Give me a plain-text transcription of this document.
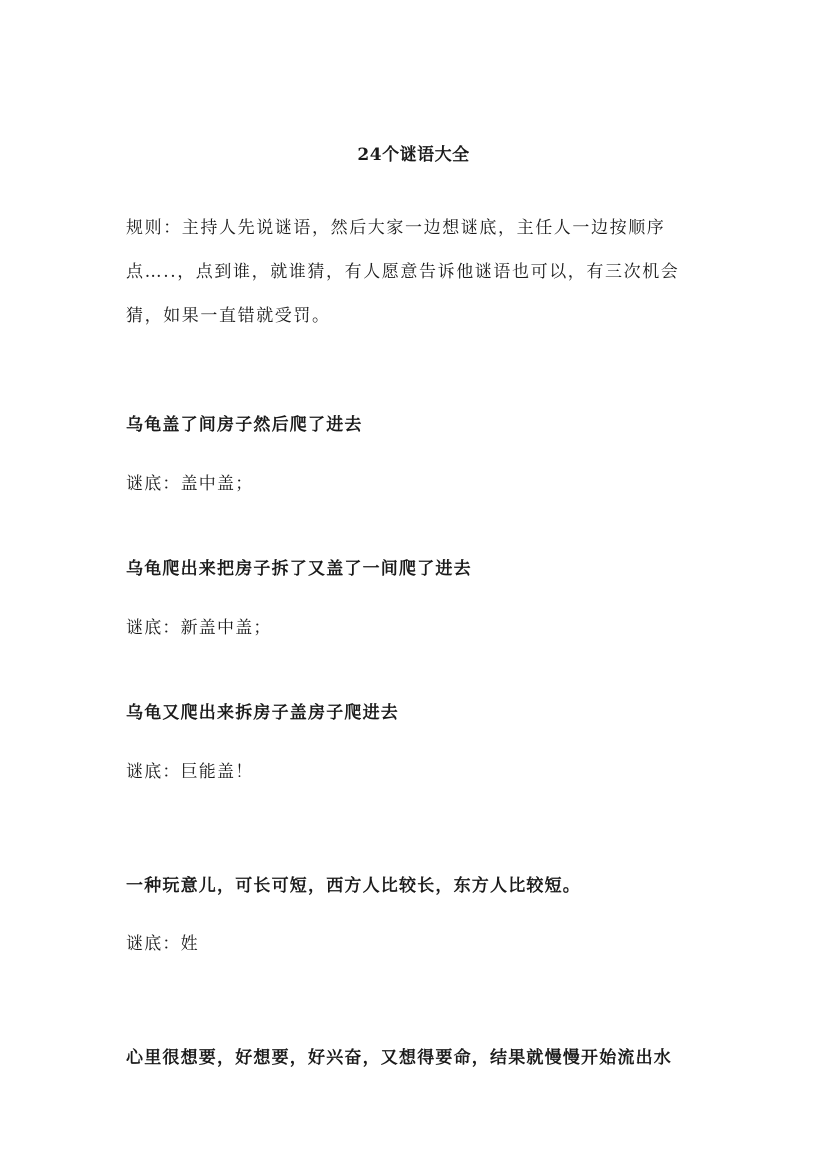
24个谜语大全
规则：主持人先说谜语，然后大家一边想谜底，主任人一边按顺序
点…..，点到谁，就谁猜，有人愿意告诉他谜语也可以，有三次机会
猜，如果一直错就受罚。
乌龟盖了间房子然后爬了进去
谜底：盖中盖；
乌龟爬出来把房子拆了又盖了一间爬了进去
谜底：新盖中盖；
乌龟又爬出来拆房子盖房子爬进去
谜底：巨能盖！
一种玩意儿，可长可短，西方人比较长，东方人比较短。
谜底：姓
心里很想要，好想要，好兴奋，又想得要命，结果就慢慢开始流出水
